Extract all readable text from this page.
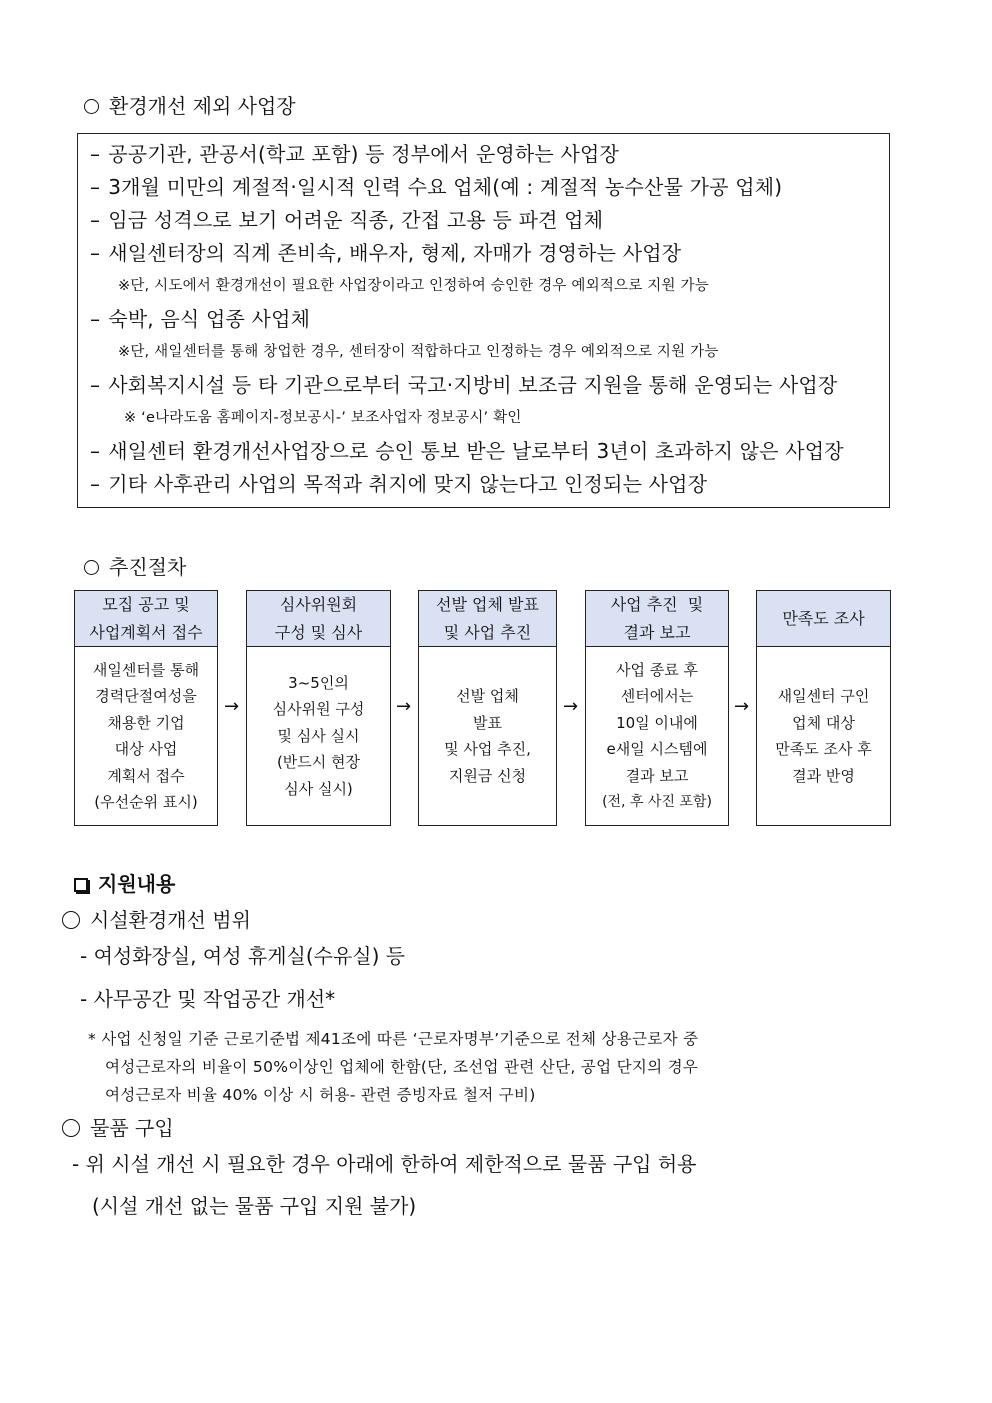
환경개선 제외 사업장
– 공공기관, 관공서(학교 포함) 등 정부에서 운영하는 사업장
– 3개월 미만의 계절적·일시적 인력 수요 업체(예 : 계절적 농수산물 가공 업체)
– 임금 성격으로 보기 어려운 직종, 간접 고용 등 파견 업체
– 새일센터장의 직계 존비속, 배우자, 형제, 자매가 경영하는 사업장
※단, 시도에서 환경개선이 필요한 사업장이라고 인정하여 승인한 경우 예외적으로 지원 가능
– 숙박, 음식 업종 사업체
※단, 새일센터를 통해 창업한 경우, 센터장이 적합하다고 인정하는 경우 예외적으로 지원 가능
– 사회복지시설 등 타 기관으로부터 국고·지방비 보조금 지원을 통해 운영되는 사업장
※ ‘e나라도움 홈페이지-정보공시-’ 보조사업자 정보공시’ 확인
– 새일센터 환경개선사업장으로 승인 통보 받은 날로부터 3년이 초과하지 않은 사업장
– 기타 사후관리 사업의 목적과 취지에 맞지 않는다고 인정되는 사업장
추진절차
모집 공고 및
사업계획서 접수
새일센터를 통해
경력단절여성을
채용한 기업
대상 사업
계획서 접수
(우선순위 표시)
→
심사위원회
구성 및 심사
3~5인의
심사위원 구성
및 심사 실시
(반드시 현장
심사 실시)
→
선발 업체 발표
및 사업 추진
선발 업체
발표
및 사업 추진,
지원금 신청
→
사업 추진  및
결과 보고
사업 종료 후
센터에서는
10일 이내에
e새일 시스템에
결과 보고
(전, 후 사진 포함)
→
만족도 조사
새일센터 구인
업체 대상
만족도 조사 후
결과 반영
지원내용
시설환경개선 범위
- 여성화장실, 여성 휴게실(수유실) 등
- 사무공간 및 작업공간 개선*
* 사업 신청일 기준 근로기준법 제41조에 따른 ‘근로자명부’기준으로 전체 상용근로자 중
여성근로자의 비율이 50%이상인 업체에 한함(단, 조선업 관련 산단, 공업 단지의 경우
여성근로자 비율 40% 이상 시 허용- 관련 증빙자료 철저 구비)
물품 구입
- 위 시설 개선 시 필요한 경우 아래에 한하여 제한적으로 물품 구입 허용
(시설 개선 없는 물품 구입 지원 불가)
